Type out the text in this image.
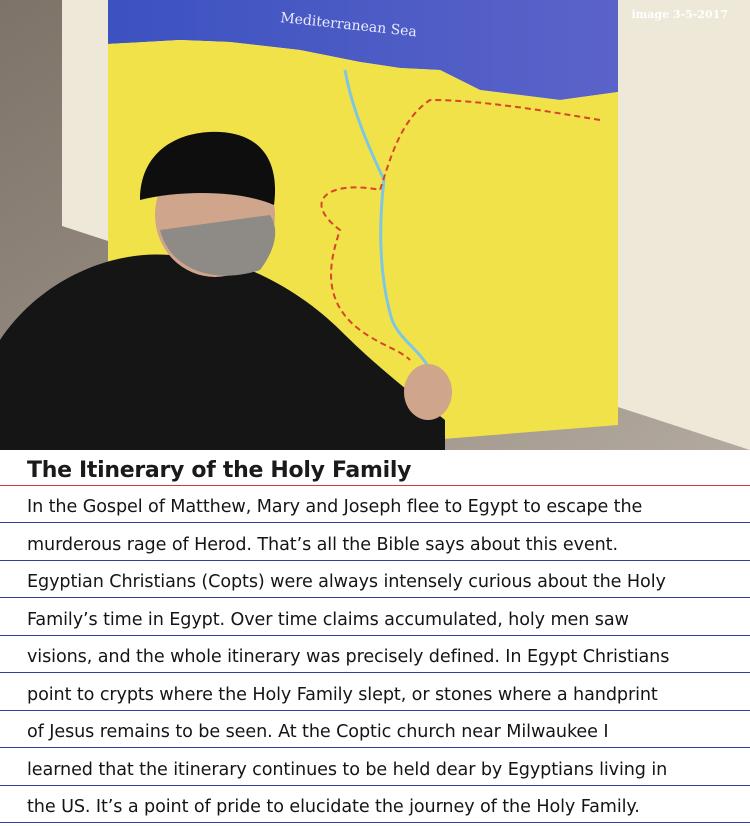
Mediterranean Sea	image 3-5-2017
The Itinerary of the Holy Family
In the Gospel of Matthew, Mary and Joseph flee to Egypt to escape the
murderous rage of Herod. That’s all the Bible says about this event.
Egyptian Christians (Copts) were always intensely curious about the Holy
Family’s time in Egypt. Over time claims accumulated, holy men saw
visions, and the whole itinerary was precisely defined. In Egypt Christians
point to crypts where the Holy Family slept, or stones where a handprint
of Jesus remains to be seen. At the Coptic church near Milwaukee I
learned that the itinerary continues to be held dear by Egyptians living in
the US. It’s a point of pride to elucidate the journey of the Holy Family.
